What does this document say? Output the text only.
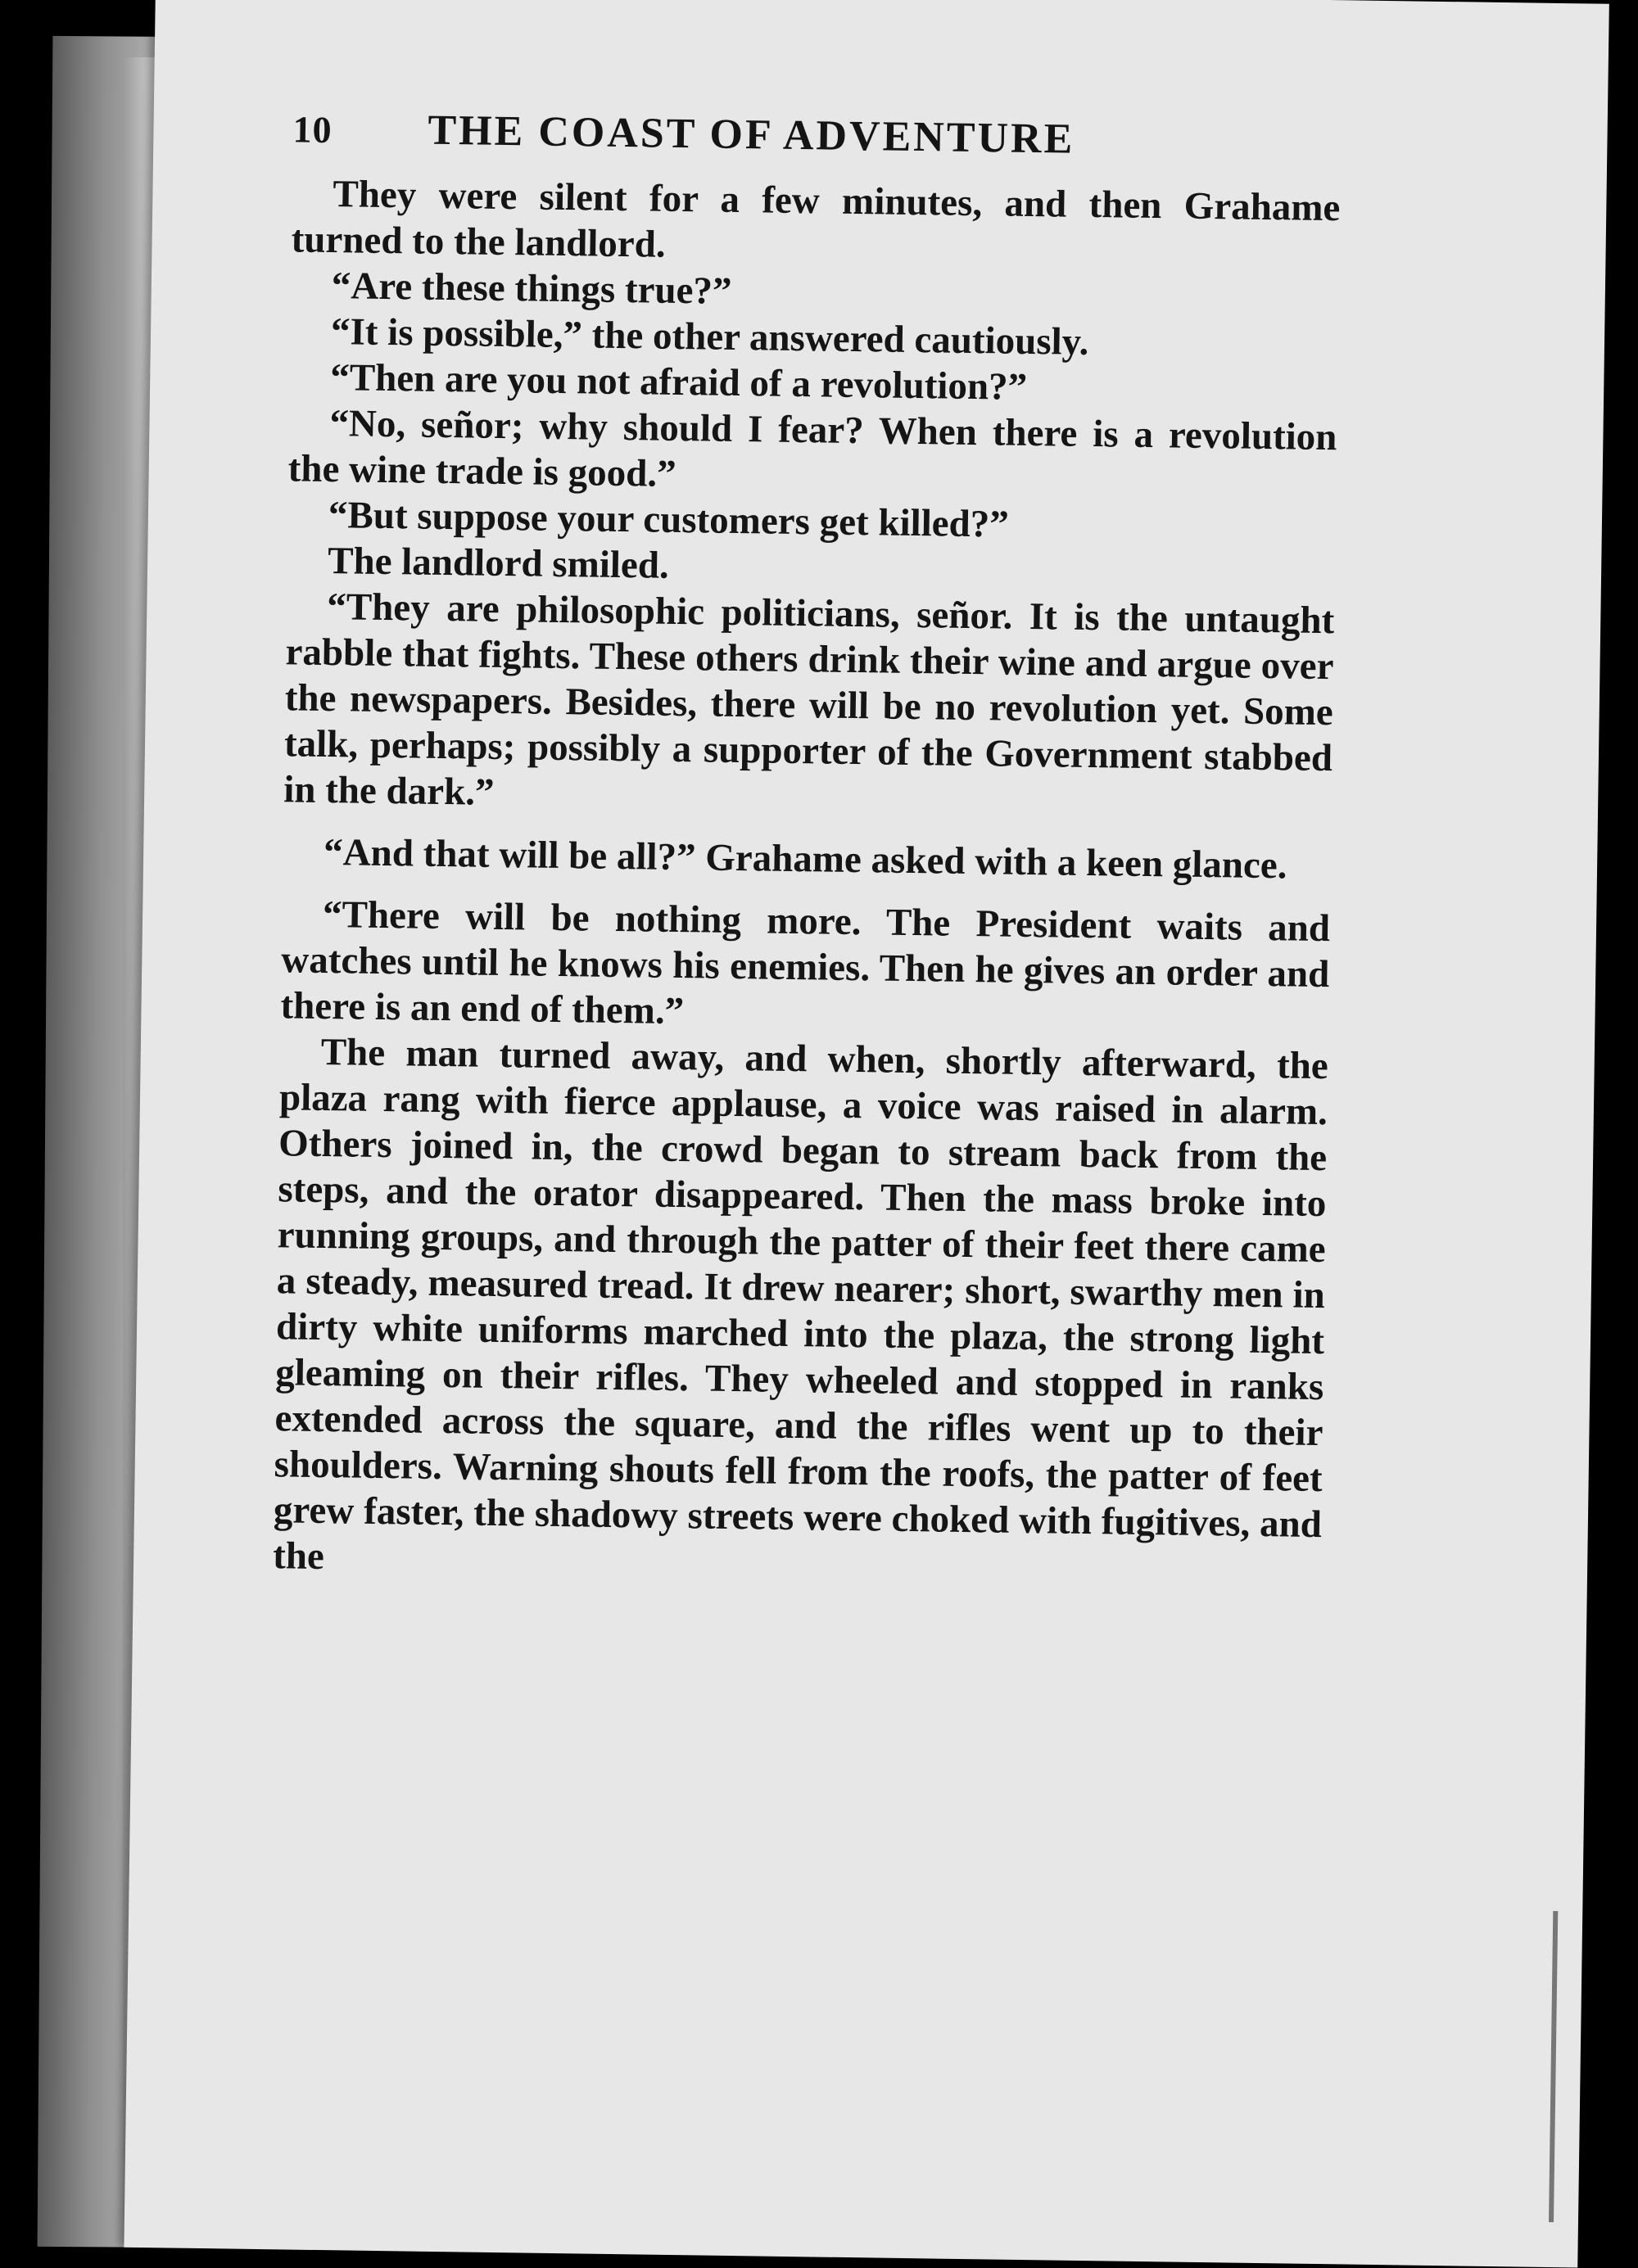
10	THE COAST OF ADVENTURE

They were silent for a few minutes, and then Grahame turned to the landlord.

“Are these things true?”

“It is possible,” the other answered cautiously.

“Then are you not afraid of a revolution?”

“No, señor; why should I fear? When there is a revolution the wine trade is good.”

“But suppose your customers get killed?”

The landlord smiled.

“They are philosophic politicians, señor. It is the untaught rabble that fights. These others drink their wine and argue over the newspapers. Besides, there will be no revolution yet. Some talk, perhaps; possibly a supporter of the Government stabbed in the dark.”

“And that will be all?” Grahame asked with a keen glance.

“There will be nothing more. The President waits and watches until he knows his enemies. Then he gives an order and there is an end of them.”

The man turned away, and when, shortly afterward, the plaza rang with fierce applause, a voice was raised in alarm. Others joined in, the crowd began to stream back from the steps, and the orator disappeared. Then the mass broke into running groups, and through the patter of their feet there came a steady, measured tread. It drew nearer; short, swarthy men in dirty white uniforms marched into the plaza, the strong light gleaming on their rifles. They wheeled and stopped in ranks extended across the square, and the rifles went up to their shoulders. Warning shouts fell from the roofs, the patter of feet grew faster, the shadowy streets were choked with fugitives, and the
